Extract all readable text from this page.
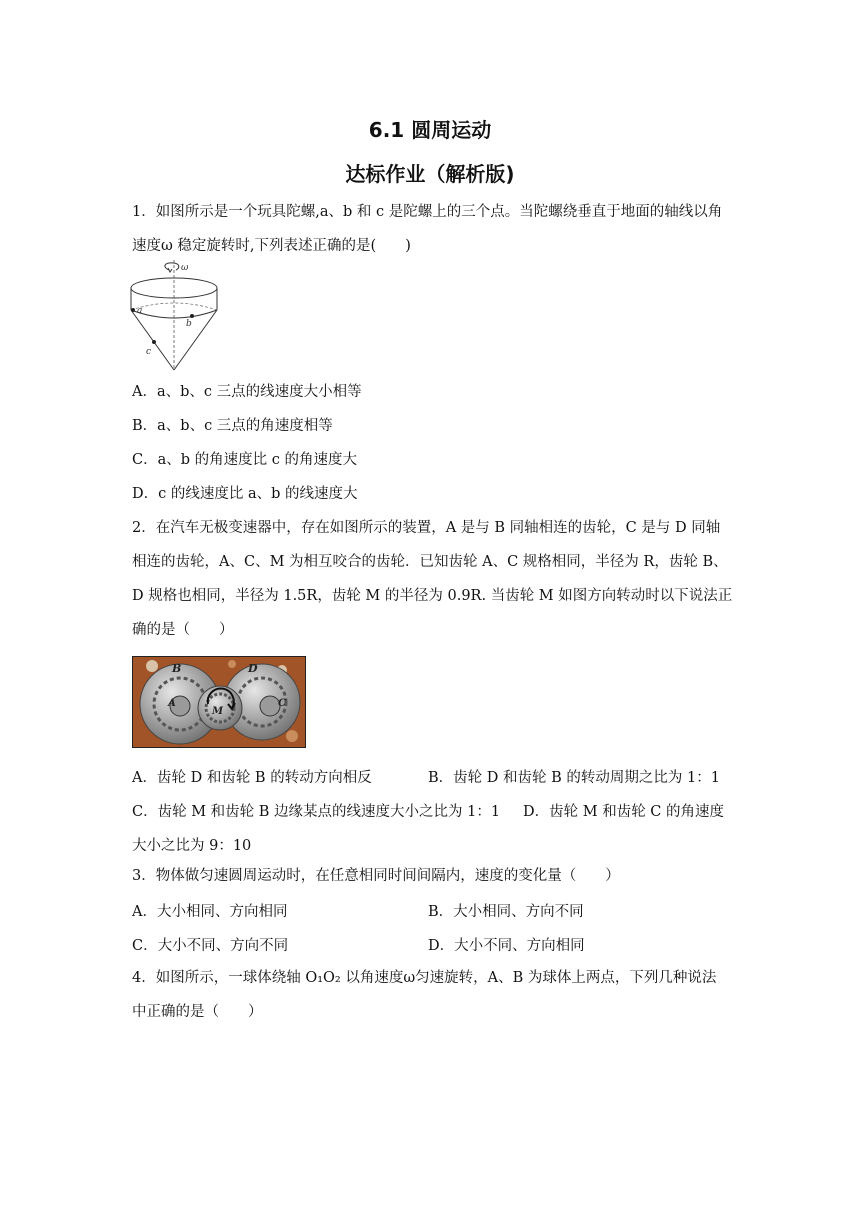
6.1 圆周运动
达标作业（解析版)
1．如图所示是一个玩具陀螺,a、b 和 c 是陀螺上的三个点。当陀螺绕垂直于地面的轴线以角
速度ω 稳定旋转时,下列表述正确的是(　　)
ω
a
b
c
A．a、b、c 三点的线速度大小相等
B．a、b、c 三点的角速度相等
C．a、b 的角速度比 c 的角速度大
D．c 的线速度比 a、b 的线速度大
2．在汽车无极变速器中，存在如图所示的装置，A 是与 B 同轴相连的齿轮，C 是与 D 同轴
相连的齿轮，A、C、M 为相互咬合的齿轮．已知齿轮 A、C 规格相同，半径为 R，齿轮 B、
D 规格也相同，半径为 1.5R，齿轮 M 的半径为 0.9R. 当齿轮 M 如图方向转动时以下说法正
确的是（　　）
B	D
A
M
C
A．齿轮 D 和齿轮 B 的转动方向相反	B．齿轮 D 和齿轮 B 的转动周期之比为 1：1
C．齿轮 M 和齿轮 B 边缘某点的线速度大小之比为 1：1 D．齿轮 M 和齿轮 C 的角速度
大小之比为 9：10
3．物体做匀速圆周运动时，在任意相同时间间隔内，速度的变化量（　　）
A．大小相同、方向相同	B．大小相同、方向不同
C．大小不同、方向不同	D．大小不同、方向相同
4．如图所示，一球体绕轴 O₁O₂ 以角速度ω匀速旋转，A、B 为球体上两点，下列几种说法
中正确的是（　　）
